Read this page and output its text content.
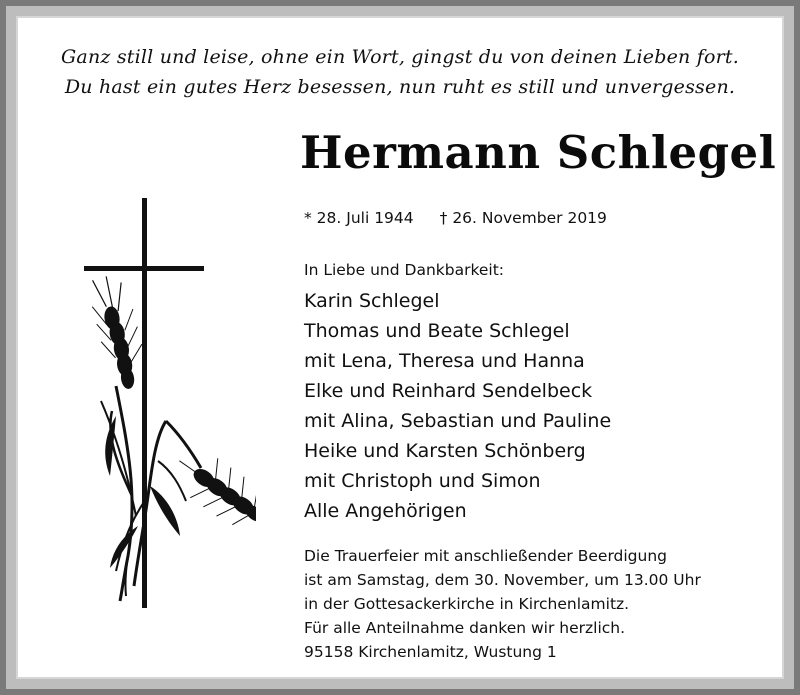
Ganz still und leise, ohne ein Wort, gingst du von deinen Lieben fort.
Du hast ein gutes Herz besessen, nun ruht es still und unvergessen.
Hermann Schlegel
* 28. Juli 1944 † 26. November 2019
In Liebe und Dankbarkeit:
Karin Schlegel
Thomas und Beate Schlegel
mit Lena, Theresa und Hanna
Elke und Reinhard Sendelbeck
mit Alina, Sebastian und Pauline
Heike und Karsten Schönberg
mit Christoph und Simon
Alle Angehörigen
Die Trauerfeier mit anschließender Beerdigung
ist am Samstag, dem 30. November, um 13.00 Uhr
in der Gottesackerkirche in Kirchenlamitz.
Für alle Anteilnahme danken wir herzlich.
95158 Kirchenlamitz, Wustung 1
